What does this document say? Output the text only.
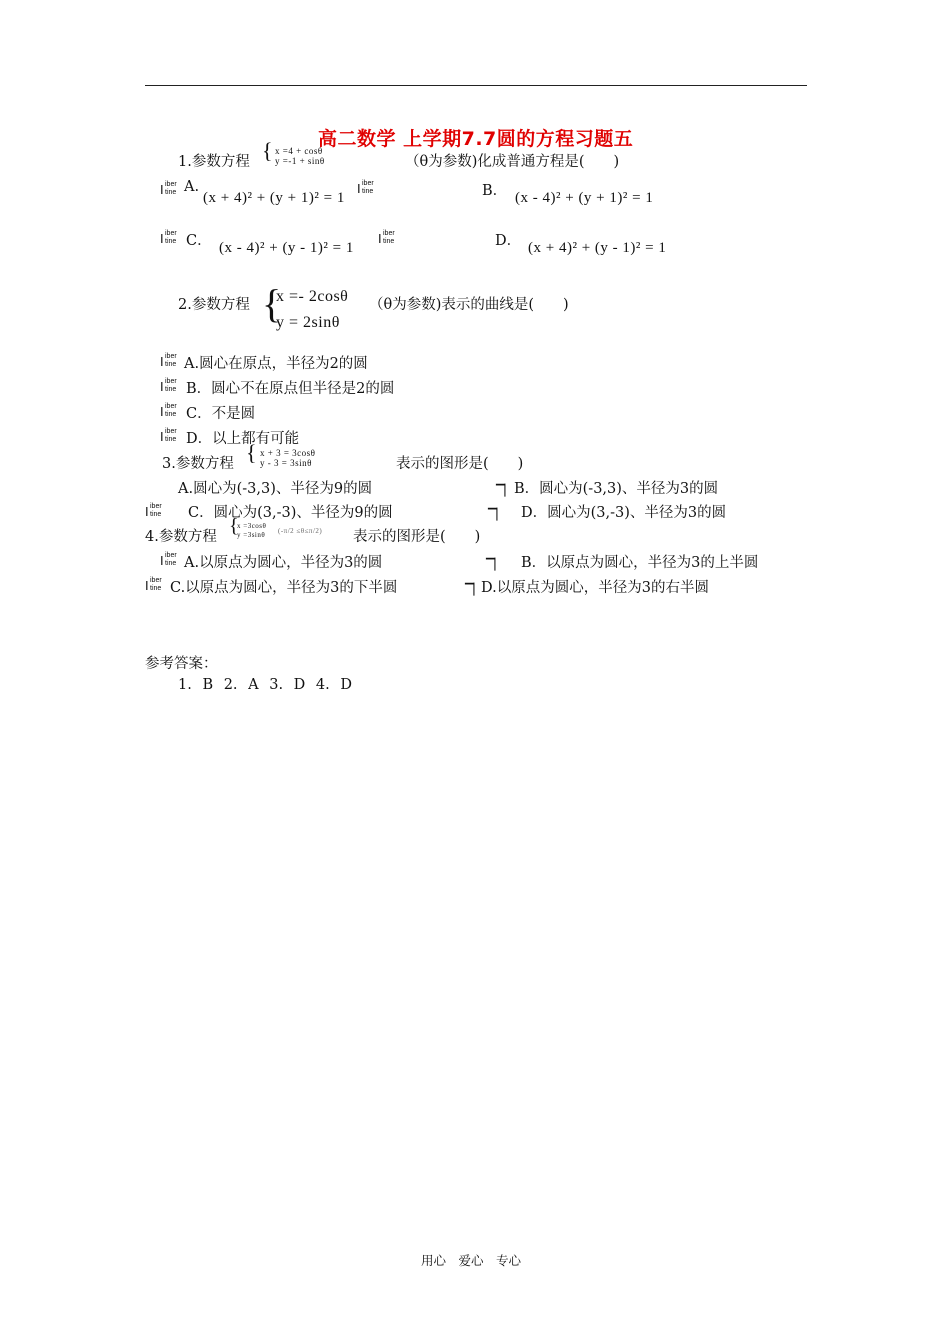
高二数学 上学期7.7圆的方程习题五
1.参数方程 { x =4 + cosθ
y =-1 + sinθ	（θ为参数)化成普通方程是(　　)
I iber
tine A.
(x + 4)² + (y + 1)² = 1
I iber
tine	B． (x - 4)² + (y + 1)² = 1
I iber
tine C． (x - 4)² + (y - 1)² = 1
I iber
tine	D． (x + 4)² + (y - 1)² = 1
2.参数方程 {
x =- 2cosθ
y = 2sinθ
（θ为参数)表示的曲线是(　　)
I iber
tine A.圆心在原点，半径为2的圆
I iber
tine B．圆心不在原点但半径是2的圆
I iber
tine C．不是圆
I iber
tine D．以上都有可能
3.参数方程 { x + 3 = 3cosθ
y - 3 = 3sinθ	表示的图形是(　　)
A.圆心为(-3,3)、半径为9的圆	▔▏ B．圆心为(-3,3)、半径为3的圆
I iber
tine C．圆心为(3,-3)、半径为9的圆	▔▏ D．圆心为(3,-3)、半径为3的圆
4.参数方程 {
x =3cosθ
y =3sinθ (-π/2 ≤θ≤π/2) 表示的图形是(　　)
I iber
tine A.以原点为圆心，半径为3的圆	▔▏ B．以原点为圆心，半径为3的上半圆
I iber
tine C.以原点为圆心，半径为3的下半圆	▔▏ D.以原点为圆心，半径为3的右半圆
参考答案：
1. B 2. A 3. D 4. D
用心　爱心　专心
